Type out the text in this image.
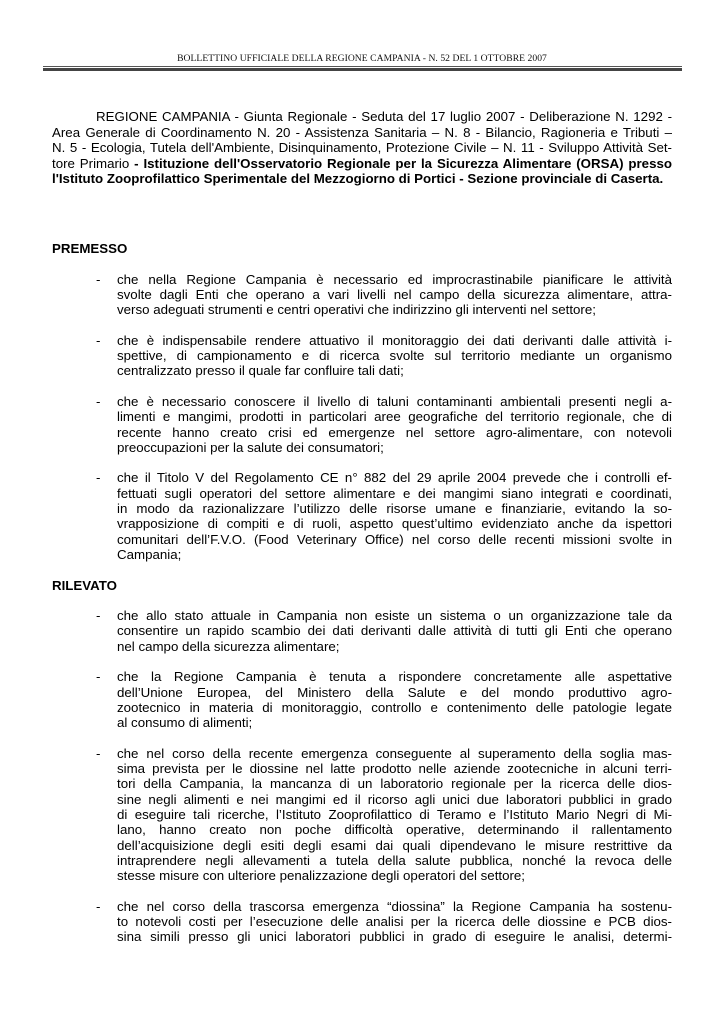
BOLLETTINO UFFICIALE DELLA REGIONE CAMPANIA - N. 52 DEL 1 OTTOBRE 2007
REGIONE CAMPANIA - Giunta Regionale - Seduta del 17 luglio 2007 - Deliberazione N. 1292 -
Area Generale di Coordinamento N. 20 - Assistenza Sanitaria – N. 8 - Bilancio, Ragioneria e Tributi –
N. 5 - Ecologia, Tutela dell'Ambiente, Disinquinamento, Protezione Civile – N. 11 - Sviluppo Attività Set-
tore Primario - Istituzione dell'Osservatorio Regionale per la Sicurezza Alimentare (ORSA) presso
l'Istituto Zooprofilattico Sperimentale del Mezzogiorno di Portici - Sezione provinciale di Caserta.
PREMESSO
- che nella Regione Campania è necessario ed improcrastinabile pianificare le attività
svolte dagli Enti che operano a vari livelli nel campo della sicurezza alimentare, attra-
verso adeguati strumenti e centri operativi che indirizzino gli interventi nel settore;
- che è indispensabile rendere attuativo il monitoraggio dei dati derivanti dalle attività i-
spettive, di campionamento e di ricerca svolte sul territorio mediante un organismo
centralizzato presso il quale far confluire tali dati;
- che è necessario conoscere il livello di taluni contaminanti ambientali presenti negli a-
limenti e mangimi, prodotti in particolari aree geografiche del territorio regionale, che di
recente hanno creato crisi ed emergenze nel settore agro-alimentare, con notevoli
preoccupazioni per la salute dei consumatori;
- che il Titolo V del Regolamento CE n° 882 del 29 aprile 2004 prevede che i controlli ef-
fettuati sugli operatori del settore alimentare e dei mangimi siano integrati e coordinati,
in modo da razionalizzare l’utilizzo delle risorse umane e finanziarie, evitando la so-
vrapposizione di compiti e di ruoli, aspetto quest’ultimo evidenziato anche da ispettori
comunitari dell’F.V.O. (Food Veterinary Office) nel corso delle recenti missioni svolte in
Campania;
RILEVATO
- che allo stato attuale in Campania non esiste un sistema o un organizzazione tale da
consentire un rapido scambio dei dati derivanti dalle attività di tutti gli Enti che operano
nel campo della sicurezza alimentare;
- che la Regione Campania è tenuta a rispondere concretamente alle aspettative
dell’Unione Europea, del Ministero della Salute e del mondo produttivo agro-
zootecnico in materia di monitoraggio, controllo e contenimento delle patologie legate
al consumo di alimenti;
- che nel corso della recente emergenza conseguente al superamento della soglia mas-
sima prevista per le diossine nel latte prodotto nelle aziende zootecniche in alcuni terri-
tori della Campania, la mancanza di un laboratorio regionale per la ricerca delle dios-
sine negli alimenti e nei mangimi ed il ricorso agli unici due laboratori pubblici in grado
di eseguire tali ricerche, l’Istituto Zooprofilattico di Teramo e l’Istituto Mario Negri di Mi-
lano, hanno creato non poche difficoltà operative, determinando il rallentamento
dell’acquisizione degli esiti degli esami dai quali dipendevano le misure restrittive da
intraprendere negli allevamenti a tutela della salute pubblica, nonché la revoca delle
stesse misure con ulteriore penalizzazione degli operatori del settore;
- che nel corso della trascorsa emergenza “diossina” la Regione Campania ha sostenu-
to notevoli costi per l’esecuzione delle analisi per la ricerca delle diossine e PCB dios-
sina simili presso gli unici laboratori pubblici in grado di eseguire le analisi, determi-
